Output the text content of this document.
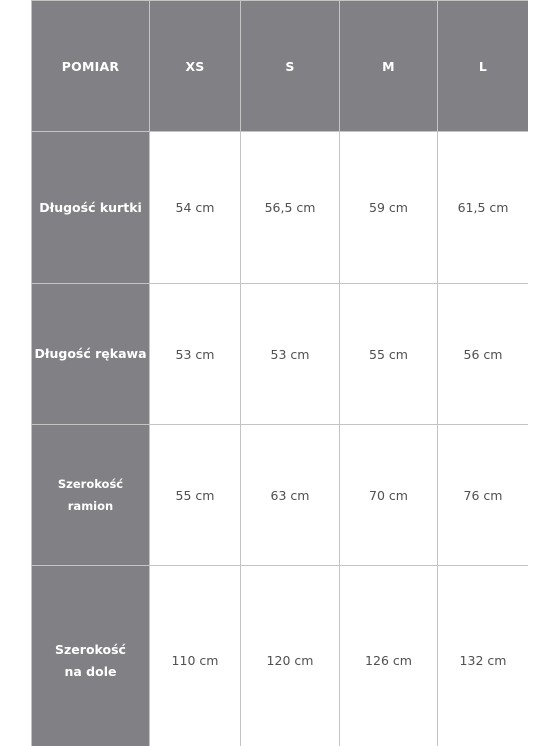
POMIAR	XS	S	M	L
Długość kurtki	54 cm	56,5 cm	59 cm	61,5 cm
Długość rękawa	53 cm	53 cm	55 cm	56 cm
Szerokość ramion	55 cm	63 cm	70 cm	76 cm
Szerokość na dole	110 cm	120 cm	126 cm	132 cm
